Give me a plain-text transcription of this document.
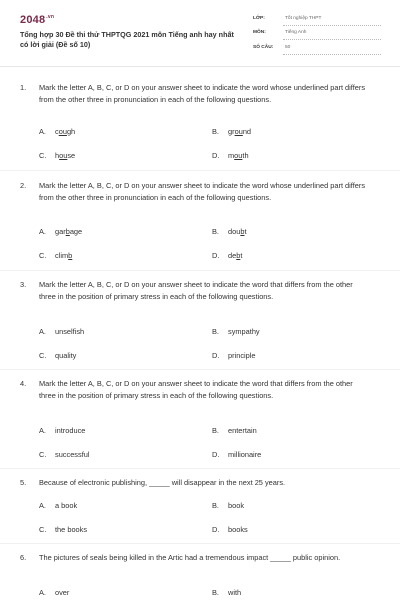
$2048^{.vn}$
Tổng hợp 30 Đề thi thử THPTQG 2021 môn Tiếng anh hay nhất có lời giải (Đề số 10)
LỚP:	Tốt nghiệp THPT
MÔN:	Tiếng Anh
SỐ CÂU: 50
1.	Mark the letter A, B, C, or D on your answer sheet to indicate the word whose underlined part differs from the other three in pronunciation in each of the following questions.
A. cough	B. ground
C. house	D. mouth
2.	Mark the letter A, B, C, or D on your answer sheet to indicate the word whose underlined part differs from the other three in pronunciation in each of the following questions.
A. garbage	B. doubt
C. climb	D. debt
3.	Mark the letter A, B, C, or D on your answer sheet to indicate the word that differs from the other three in the position of primary stress in each of the following questions.
A. unselfish	B. sympathy
C. quality	D. principle
4.	Mark the letter A, B, C, or D on your answer sheet to indicate the word that differs from the other three in the position of primary stress in each of the following questions.
A. introduce	B. entertain
C. successful	D. millionaire
5.	Because of electronic publishing, _____ will disappear in the next 25 years.
A. a book	B. book
C. the books	D. books
6.	The pictures of seals being killed in the Artic had a tremendous impact _____ public opinion.
A. over	B. with
